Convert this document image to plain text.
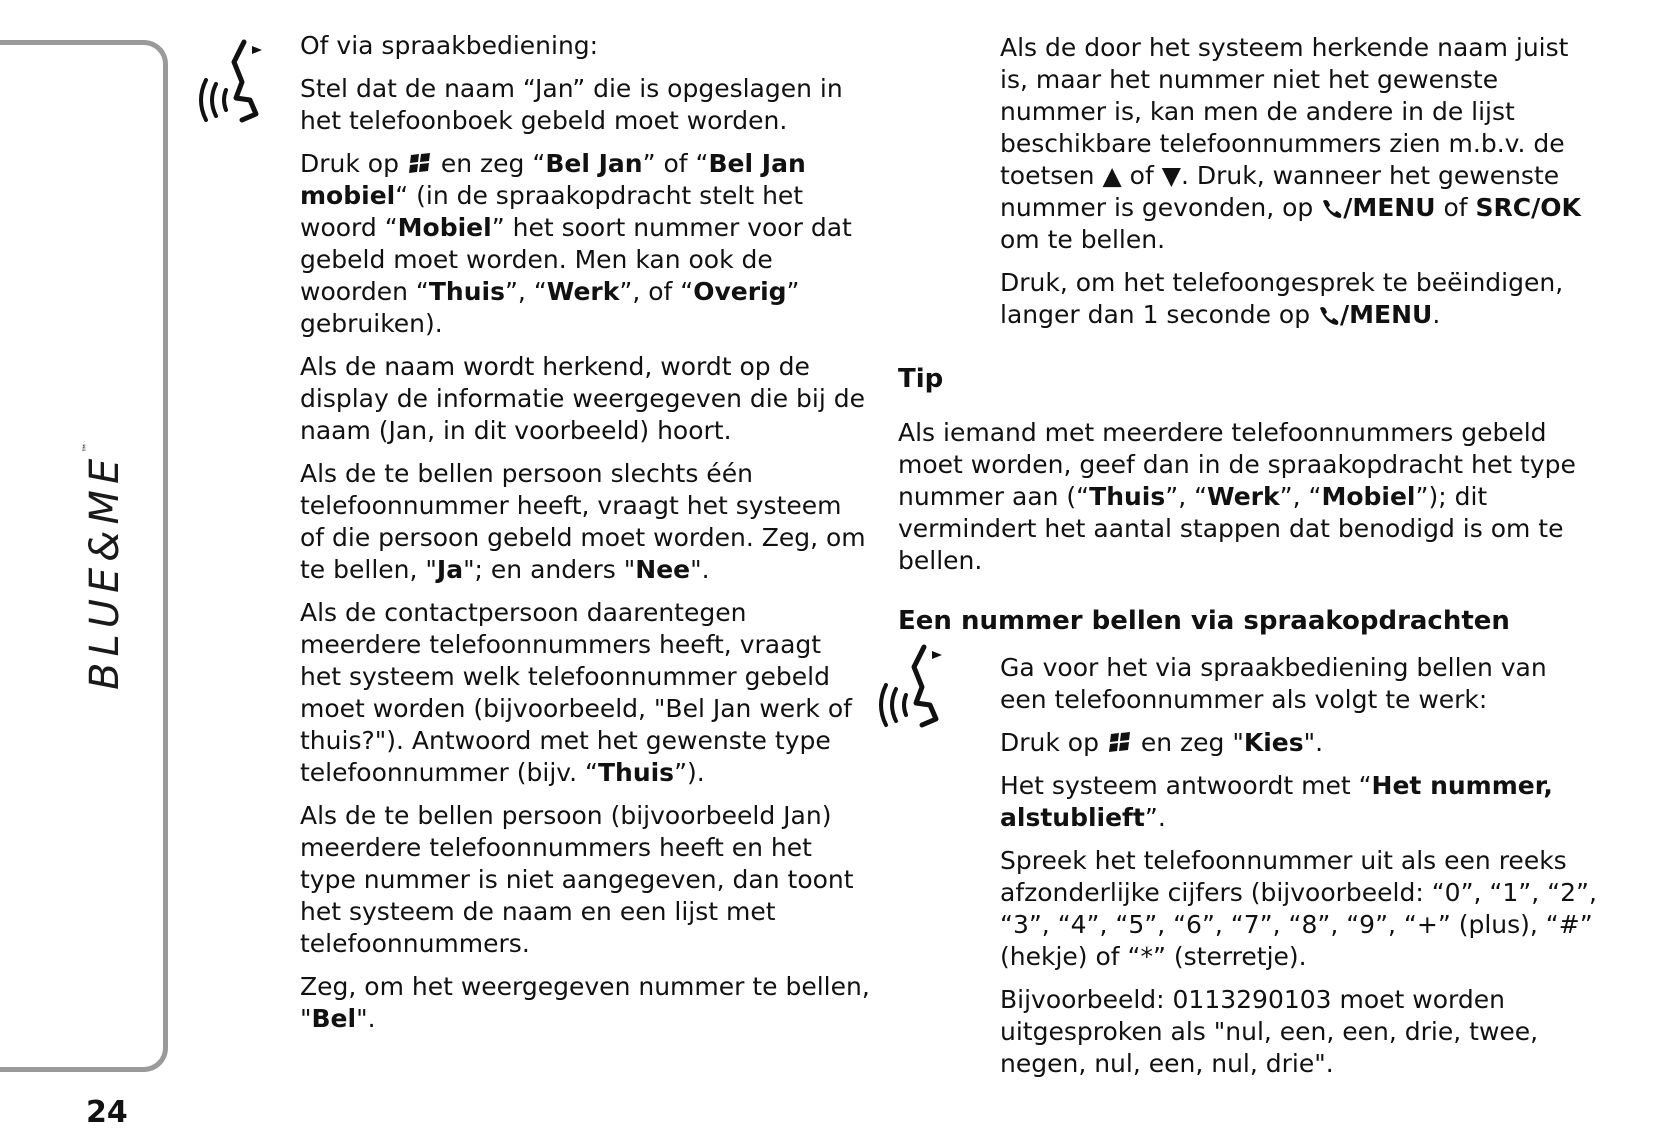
BLUE&ME™
24

Of via spraakbediening:

Stel dat de naam “Jan” die is opgeslagen in het telefoonboek gebeld moet worden.

Druk op  en zeg “Bel Jan” of “Bel Jan mobiel“ (in de spraakopdracht stelt het woord “Mobiel” het soort nummer voor dat gebeld moet worden. Men kan ook de woorden “Thuis”, “Werk”, of “Overig” gebruiken).

Als de naam wordt herkend, wordt op de display de informatie weergegeven die bij de naam (Jan, in dit voorbeeld) hoort.

Als de te bellen persoon slechts één telefoonnummer heeft, vraagt het systeem of die persoon gebeld moet worden. Zeg, om te bellen, "Ja"; en anders "Nee".

Als de contactpersoon daarentegen meerdere telefoonnummers heeft, vraagt het systeem welk telefoonnummer gebeld moet worden (bijvoorbeeld, "Bel Jan werk of thuis?"). Antwoord met het gewenste type telefoonnummer (bijv. “Thuis”).

Als de te bellen persoon (bijvoorbeeld Jan) meerdere telefoonnummers heeft en het type nummer is niet aangegeven, dan toont het systeem de naam en een lijst met telefoonnummers.

Zeg, om het weergegeven nummer te bellen, "Bel".

Als de door het systeem herkende naam juist is, maar het nummer niet het gewenste nummer is, kan men de andere in de lijst beschikbare telefoonnummers zien m.b.v. de toetsen ▲ of ▼. Druk, wanneer het gewenste nummer is gevonden, op /MENU of SRC/OK om te bellen.

Druk, om het telefoongesprek te beëindigen, langer dan 1 seconde op /MENU.

Tip

Als iemand met meerdere telefoonnummers gebeld moet worden, geef dan in de spraakopdracht het type nummer aan (“Thuis”, “Werk”, “Mobiel”); dit vermindert het aantal stappen dat benodigd is om te bellen.

Een nummer bellen via spraakopdrachten

Ga voor het via spraakbediening bellen van een telefoonnummer als volgt te werk:

Druk op  en zeg "Kies".

Het systeem antwoordt met “Het nummer, alstublieft”.

Spreek het telefoonnummer uit als een reeks afzonderlijke cijfers (bijvoorbeeld: “0”, “1”, “2”, “3”, “4”, “5”, “6”, “7”, “8”, “9”, “+” (plus), “#” (hekje) of “*” (sterretje).

Bijvoorbeeld: 0113290103 moet worden uitgesproken als "nul, een, een, drie, twee, negen, nul, een, nul, drie".
